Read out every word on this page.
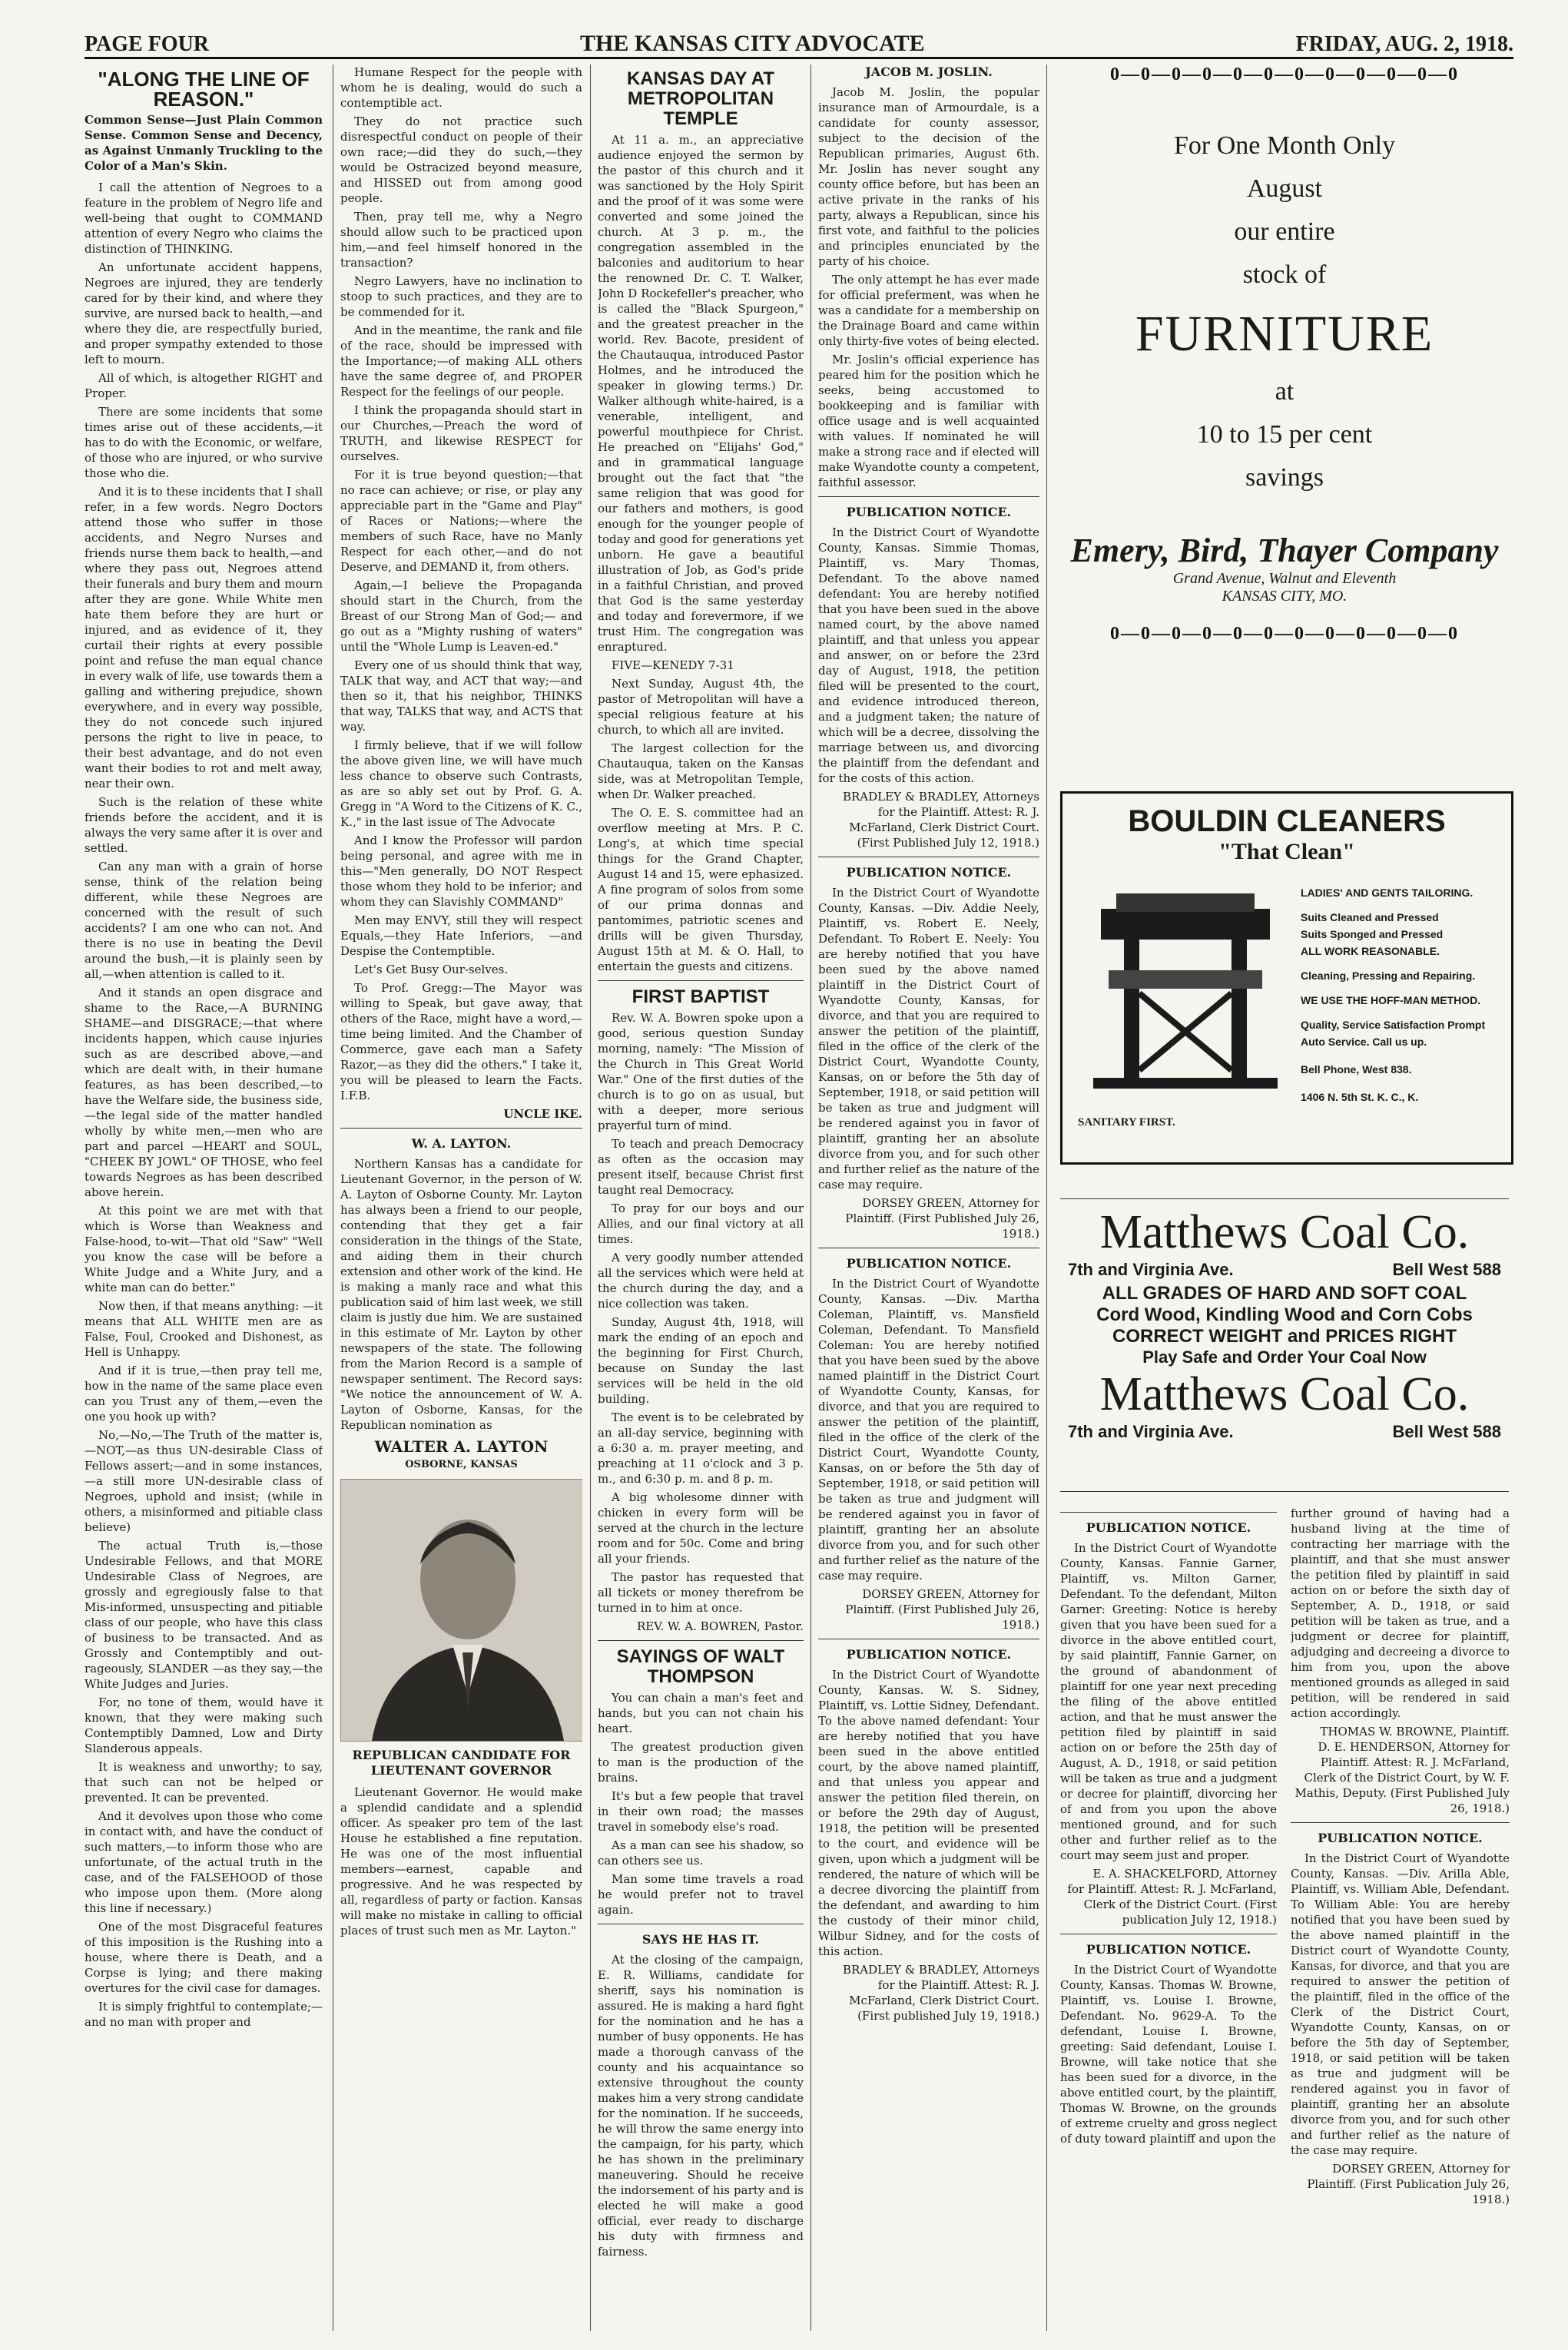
PAGE FOUR	THE KANSAS CITY ADVOCATE	FRIDAY, AUG. 2, 1918.
"ALONG THE LINE OF REASON."
Common Sense—Just Plain Common Sense. Common Sense and Decency, as Against Unmanly Truckling to the Color of a Man's Skin.

I call the attention of Negroes to a feature in the problem of Negro life and well-being that ought to COMMAND attention of every Negro who claims the distinction of THINKING.

An unfortunate accident happens, Negroes are injured, they are tenderly cared for by their kind, and where they survive, are nursed back to health,—and where they die, are respectfully buried, and proper sympathy extended to those left to mourn.

All of which, is altogether RIGHT and Proper.

There are some incidents that some times arise out of these accidents,—it has to do with the Economic, or welfare, of those who are injured, or who survive those who die.

And it is to these incidents that I shall refer, in a few words. Negro Doctors attend those who suffer in those accidents, and Negro Nurses and friends nurse them back to health,—and where they pass out, Negroes attend their funerals and bury them and mourn after they are gone. While White men hate them before they are hurt or injured, and as evidence of it, they curtail their rights at every possible point and refuse the man equal chance in every walk of life, use towards them a galling and withering prejudice, shown everywhere, and in every way possible, they do not concede such injured persons the right to live in peace, to their best advantage, and do not even want their bodies to rot and melt away, near their own.

Such is the relation of these white friends before the accident, and it is always the very same after it is over and settled.

Can any man with a grain of horse sense, think of the relation being different, while these Negroes are concerned with the result of such accidents? I am one who can not. And there is no use in beating the Devil around the bush,—it is plainly seen by all,—when attention is called to it.

And it stands an open disgrace and shame to the Race,—A BURNING SHAME—and DISGRACE;—that where incidents happen, which cause injuries such as are described above,—and which are dealt with, in their humane features, as has been described,—to have the Welfare side, the business side,—the legal side of the matter handled wholly by white men,—men who are part and parcel —HEART and SOUL, "CHEEK BY JOWL" OF THOSE, who feel towards Negroes as has been described above herein.

At this point we are met with that which is Worse than Weakness and False-hood, to-wit—That old "Saw" "Well you know the case will be before a White Judge and a White Jury, and a white man can do better."

Now then, if that means anything: —it means that ALL WHITE men are as False, Foul, Crooked and Dishonest, as Hell is Unhappy.

And if it is true,—then pray tell me, how in the name of the same place even can you Trust any of them,—even the one you hook up with?

No,—No,—The Truth of the matter is,—NOT,—as thus UN-desirable Class of Fellows assert;—and in some instances,—a still more UN-desirable class of Negroes, uphold and insist; (while in others, a misinformed and pitiable class believe)

The actual Truth is,—those Undesirable Fellows, and that MORE Undesirable Class of Negroes, are grossly and egregiously false to that Mis-informed, unsuspecting and pitiable class of our people, who have this class of business to be transacted. And as Grossly and Contemptibly and out-rageously, SLANDER —as they say,—the White Judges and Juries.

For, no tone of them, would have it known, that they were making such Contemptibly Damned, Low and Dirty Slanderous appeals.

It is weakness and unworthy; to say, that such can not be helped or prevented. It can be prevented.

And it devolves upon those who come in contact with, and have the conduct of such matters,—to inform those who are unfortunate, of the actual truth in the case, and of the FALSEHOOD of those who impose upon them. (More along this line if necessary.)

One of the most Disgraceful features of this imposition is the Rushing into a house, where there is Death, and a Corpse is lying; and there making overtures for the civil case for damages.

It is simply frightful to contemplate;—and no man with proper and

Humane Respect for the people with whom he is dealing, would do such a contemptible act.

They do not practice such disrespectful conduct on people of their own race;—did they do such,—they would be Ostracized beyond measure, and HISSED out from among good people.

Then, pray tell me, why a Negro should allow such to be practiced upon him,—and feel himself honored in the transaction?

Negro Lawyers, have no inclination to stoop to such practices, and they are to be commended for it.

And in the meantime, the rank and file of the race, should be impressed with the Importance;—of making ALL others have the same degree of, and PROPER Respect for the feelings of our people.

I think the propaganda should start in our Churches,—Preach the word of TRUTH, and likewise RESPECT for ourselves.

For it is true beyond question;—that no race can achieve; or rise, or play any appreciable part in the "Game and Play" of Races or Nations;—where the members of such Race, have no Manly Respect for each other,—and do not Deserve, and DEMAND it, from others.

Again,—I believe the Propaganda should start in the Church, from the Breast of our Strong Man of God;— and go out as a "Mighty rushing of waters" until the "Whole Lump is Leaven-ed."

Every one of us should think that way, TALK that way, and ACT that way;—and then so it, that his neighbor, THINKS that way, TALKS that way, and ACTS that way.

I firmly believe, that if we will follow the above given line, we will have much less chance to observe such Contrasts, as are so ably set out by Prof. G. A. Gregg in "A Word to the Citizens of K. C., K.," in the last issue of The Advocate

And I know the Professor will pardon being personal, and agree with me in this—"Men generally, DO NOT Respect those whom they hold to be inferior; and whom they can Slavishly COMMAND"

Men may ENVY, still they will respect Equals,—they Hate Inferiors, —and Despise the Contemptible.

Let's Get Busy Our-selves.

To Prof. Gregg:—The Mayor was willing to Speak, but gave away, that others of the Race, might have a word,—time being limited. And the Chamber of Commerce, gave each man a Safety Razor,—as they did the others." I take it, you will be pleased to learn the Facts. I.F.B.

UNCLE IKE.

W. A. LAYTON.

Northern Kansas has a candidate for Lieutenant Governor, in the person of W. A. Layton of Osborne County. Mr. Layton has always been a friend to our people, contending that they get a fair consideration in the things of the State, and aiding them in their church extension and other work of the kind. He is making a manly race and what this publication said of him last week, we still claim is justly due him. We are sustained in this estimate of Mr. Layton by other newspapers of the state. The following from the Marion Record is a sample of newspaper sentiment. The Record says: "We notice the announcement of W. A. Layton of Osborne, Kansas, for the Republican nomination as

WALTER A. LAYTON
OSBORNE, KANSAS
REPUBLICAN CANDIDATE FOR LIEUTENANT GOVERNOR

Lieutenant Governor. He would make a splendid candidate and a splendid officer. As speaker pro tem of the last House he established a fine reputation. He was one of the most influential members—earnest, capable and progressive. And he was respected by all, regardless of party or faction. Kansas will make no mistake in calling to official places of trust such men as Mr. Layton."

KANSAS DAY AT METROPOLITAN TEMPLE

At 11 a. m., an appreciative audience enjoyed the sermon by the pastor of this church and it was sanctioned by the Holy Spirit and the proof of it was some were converted and some joined the church. At 3 p. m., the congregation assembled in the balconies and auditorium to hear the renowned Dr. C. T. Walker, John D Rockefeller's preacher, who is called the "Black Spurgeon," and the greatest preacher in the world. Rev. Bacote, president of the Chautauqua, introduced Pastor Holmes, and he introduced the speaker in glowing terms.) Dr. Walker although white-haired, is a venerable, intelligent, and powerful mouthpiece for Christ. He preached on "Elijahs' God," and in grammatical language brought out the fact that "the same religion that was good for our fathers and mothers, is good enough for the younger people of today and good for generations yet unborn. He gave a beautiful illustration of Job, as God's pride in a faithful Christian, and proved that God is the same yesterday and today and forevermore, if we trust Him. The congregation was enraptured.

FIVE—KENEDY 7-31

Next Sunday, August 4th, the pastor of Metropolitan will have a special religious feature at his church, to which all are invited.

The largest collection for the Chautauqua, taken on the Kansas side, was at Metropolitan Temple, when Dr. Walker preached.

The O. E. S. committee had an overflow meeting at Mrs. P. C. Long's, at which time special things for the Grand Chapter, August 14 and 15, were ephasized. A fine program of solos from some of our prima donnas and pantomimes, patriotic scenes and drills will be given Thursday, August 15th at M. & O. Hall, to entertain the guests and citizens.

FIRST BAPTIST

Rev. W. A. Bowren spoke upon a good, serious question Sunday morning, namely: "The Mission of the Church in This Great World War." One of the first duties of the church is to go on as usual, but with a deeper, more serious prayerful turn of mind.

To teach and preach Democracy as often as the occasion may present itself, because Christ first taught real Democracy.

To pray for our boys and our Allies, and our final victory at all times.

A very goodly number attended all the services which were held at the church during the day, and a nice collection was taken.

Sunday, August 4th, 1918, will mark the ending of an epoch and the beginning for First Church, because on Sunday the last services will be held in the old building.

The event is to be celebrated by an all-day service, beginning with a 6:30 a. m. prayer meeting, and preaching at 11 o'clock and 3 p. m., and 6:30 p. m. and 8 p. m.

A big wholesome dinner with chicken in every form will be served at the church in the lecture room and for 50c. Come and bring all your friends.

The pastor has requested that all tickets or money therefrom be turned in to him at once.

REV. W. A. BOWREN, Pastor.

SAYINGS OF WALT THOMPSON

You can chain a man's feet and hands, but you can not chain his heart.

The greatest production given to man is the production of the brains.

It's but a few people that travel in their own road; the masses travel in somebody else's road.

As a man can see his shadow, so can others see us.

Man some time travels a road he would prefer not to travel again.

SAYS HE HAS IT.

At the closing of the campaign, E. R. Williams, candidate for sheriff, says his nomination is assured. He is making a hard fight for the nomination and he has a number of busy opponents. He has made a thorough canvass of the county and his acquaintance so extensive throughout the county makes him a very strong candidate for the nomination. If he succeeds, he will throw the same energy into the campaign, for his party, which he has shown in the preliminary maneuvering. Should he receive the indorsement of his party and is elected he will make a good official, ever ready to discharge his duty with firmness and fairness.

JACOB M. JOSLIN.

Jacob M. Joslin, the popular insurance man of Armourdale, is a candidate for county assessor, subject to the decision of the Republican primaries, August 6th. Mr. Joslin has never sought any county office before, but has been an active private in the ranks of his party, always a Republican, since his first vote, and faithful to the policies and principles enunciated by the party of his choice.

The only attempt he has ever made for official preferment, was when he was a candidate for a membership on the Drainage Board and came within only thirty-five votes of being elected.

Mr. Joslin's official experience has peared him for the position which he seeks, being accustomed to bookkeeping and is familiar with office usage and is well acquainted with values. If nominated he will make a strong race and if elected will make Wyandotte county a competent, faithful assessor.

PUBLICATION NOTICE.

In the District Court of Wyandotte County, Kansas. Simmie Thomas, Plaintiff, vs. Mary Thomas, Defendant. To the above named defendant: You are hereby notified that you have been sued in the above named court, by the above named plaintiff, and that unless you appear and answer, on or before the 23rd day of August, 1918, the petition filed will be presented to the court, and evidence introduced thereon, and a judgment taken; the nature of which will be a decree, dissolving the marriage between us, and divorcing the plaintiff from the defendant and for the costs of this action.

BRADLEY & BRADLEY, Attorneys for the Plaintiff. Attest: R. J. McFarland, Clerk District Court. (First Published July 12, 1918.)

PUBLICATION NOTICE.

In the District Court of Wyandotte County, Kansas. —Div. Addie Neely, Plaintiff, vs. Robert E. Neely, Defendant. To Robert E. Neely: You are hereby notified that you have been sued by the above named plaintiff in the District Court of Wyandotte County, Kansas, for divorce, and that you are required to answer the petition of the plaintiff, filed in the office of the clerk of the District Court, Wyandotte County, Kansas, on or before the 5th day of September, 1918, or said petition will be taken as true and judgment will be rendered against you in favor of plaintiff, granting her an absolute divorce from you, and for such other and further relief as the nature of the case may require.

DORSEY GREEN, Attorney for Plaintiff. (First Published July 26, 1918.)

PUBLICATION NOTICE.

In the District Court of Wyandotte County, Kansas. —Div. Martha Coleman, Plaintiff, vs. Mansfield Coleman, Defendant. To Mansfield Coleman: You are hereby notified that you have been sued by the above named plaintiff in the District Court of Wyandotte County, Kansas, for divorce, and that you are required to answer the petition of the plaintiff, filed in the office of the clerk of the District Court, Wyandotte County, Kansas, on or before the 5th day of September, 1918, or said petition will be taken as true and judgment will be rendered against you in favor of plaintiff, granting her an absolute divorce from you, and for such other and further relief as the nature of the case may require.

DORSEY GREEN, Attorney for Plaintiff. (First Published July 26, 1918.)

PUBLICATION NOTICE.

In the District Court of Wyandotte County, Kansas. W. S. Sidney, Plaintiff, vs. Lottie Sidney, Defendant. To the above named defendant: Your are hereby notified that you have been sued in the above entitled court, by the above named plaintiff, and that unless you appear and answer the petition filed therein, on or before the 29th day of August, 1918, the petition will be presented to the court, and evidence will be given, upon which a judgment will be rendered, the nature of which will be a decree divorcing the plaintiff from the defendant, and awarding to him the custody of their minor child, Wilbur Sidney, and for the costs of this action.

BRADLEY & BRADLEY, Attorneys for the Plaintiff. Attest: R. J. McFarland, Clerk District Court. (First published July 19, 1918.)

0—0—0—0—0—0—0—0—0—0—0—0
For One Month Only
August
our entire
stock of
FURNITURE
at
10 to 15 per cent
savings
Emery, Bird, Thayer Company
Grand Avenue, Walnut and Eleventh
KANSAS CITY, MO.
0—0—0—0—0—0—0—0—0—0—0—0
BOULDIN CLEANERS
"That Clean"
SANITARY FIRST.
LADIES' AND GENTS TAILORING.
Suits Cleaned and Pressed
Suits Sponged and Pressed
ALL WORK REASONABLE.
Cleaning, Pressing and Repairing.
WE USE THE HOFF-MAN METHOD.
Quality, Service Satisfaction Prompt Auto Service. Call us up.
Bell Phone, West 838.
1406 N. 5th St. K. C., K.
Matthews Coal Co.
7th and Virginia Ave.	Bell West 588
ALL GRADES OF HARD AND SOFT COAL
Cord Wood, Kindling Wood and Corn Cobs
CORRECT WEIGHT and PRICES RIGHT
Play Safe and Order Your Coal Now
Matthews Coal Co.
7th and Virginia Ave.	Bell West 588
PUBLICATION NOTICE.

In the District Court of Wyandotte County, Kansas. Fannie Garner, Plaintiff, vs. Milton Garner, Defendant. To the defendant, Milton Garner: Greeting: Notice is hereby given that you have been sued for a divorce in the above entitled court, by said plaintiff, Fannie Garner, on the ground of abandonment of plaintiff for one year next preceding the filing of the above entitled action, and that he must answer the petition filed by plaintiff in said action on or before the 25th day of August, A. D., 1918, or said petition will be taken as true and a judgment or decree for plaintiff, divorcing her of and from you upon the above mentioned ground, and for such other and further relief as to the court may seem just and proper.

E. A. SHACKELFORD, Attorney for Plaintiff. Attest: R. J. McFarland, Clerk of the District Court. (First publication July 12, 1918.)

PUBLICATION NOTICE.

In the District Court of Wyandotte County, Kansas. Thomas W. Browne, Plaintiff, vs. Louise I. Browne, Defendant. No. 9629-A. To the defendant, Louise I. Browne, greeting: Said defendant, Louise I. Browne, will take notice that she has been sued for a divorce, in the above entitled court, by the plaintiff, Thomas W. Browne, on the grounds of extreme cruelty and gross neglect of duty toward plaintiff and upon the

further ground of having had a husband living at the time of contracting her marriage with the plaintiff, and that she must answer the petition filed by plaintiff in said action on or before the sixth day of September, A. D., 1918, or said petition will be taken as true, and a judgment or decree for plaintiff, adjudging and decreeing a divorce to him from you, upon the above mentioned grounds as alleged in said petition, will be rendered in said action accordingly.

THOMAS W. BROWNE, Plaintiff. D. E. HENDERSON, Attorney for Plaintiff. Attest: R. J. McFarland, Clerk of the District Court, by W. F. Mathis, Deputy. (First Published July 26, 1918.)

PUBLICATION NOTICE.

In the District Court of Wyandotte County, Kansas. —Div. Arilla Able, Plaintiff, vs. William Able, Defendant. To William Able: You are hereby notified that you have been sued by the above named plaintiff in the District court of Wyandotte County, Kansas, for divorce, and that you are required to answer the petition of the plaintiff, filed in the office of the Clerk of the District Court, Wyandotte County, Kansas, on or before the 5th day of September, 1918, or said petition will be taken as true and judgment will be rendered against you in favor of plaintiff, granting her an absolute divorce from you, and for such other and further relief as the nature of the case may require.

DORSEY GREEN, Attorney for Plaintiff. (First Publication July 26, 1918.)
